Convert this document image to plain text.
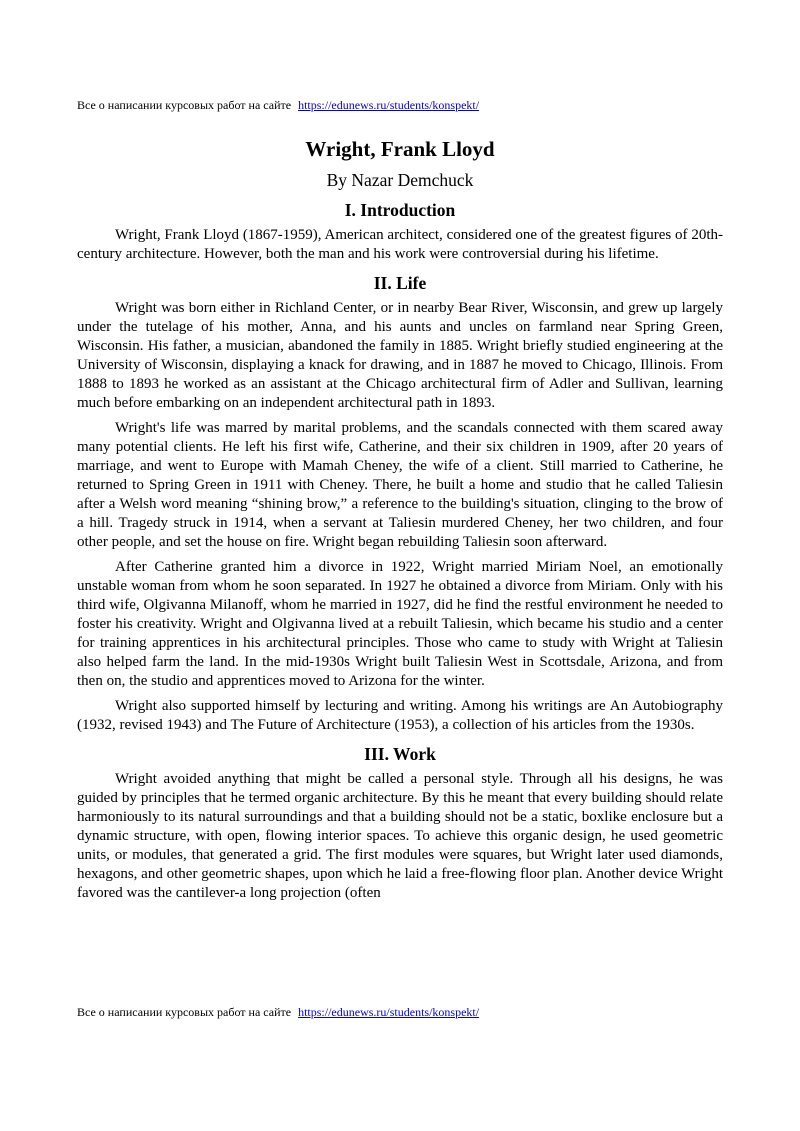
Все о написании курсовых работ на сайте https://edunews.ru/students/konspekt/
Wright, Frank Lloyd
By Nazar Demchuck
I. Introduction

Wright, Frank Lloyd (1867-1959), American architect, considered one of the greatest figures of 20th-century architecture. However, both the man and his work were controversial during his lifetime.

II. Life

Wright was born either in Richland Center, or in nearby Bear River, Wisconsin, and grew up largely under the tutelage of his mother, Anna, and his aunts and uncles on farmland near Spring Green, Wisconsin. His father, a musician, abandoned the family in 1885. Wright briefly studied engineering at the University of Wisconsin, displaying a knack for drawing, and in 1887 he moved to Chicago, Illinois. From 1888 to 1893 he worked as an assistant at the Chicago architectural firm of Adler and Sullivan, learning much before embarking on an independent architectural path in 1893.

Wright's life was marred by marital problems, and the scandals connected with them scared away many potential clients. He left his first wife, Catherine, and their six children in 1909, after 20 years of marriage, and went to Europe with Mamah Cheney, the wife of a client. Still married to Catherine, he returned to Spring Green in 1911 with Cheney. There, he built a home and studio that he called Taliesin after a Welsh word meaning “shining brow,” a reference to the building's situation, clinging to the brow of a hill. Tragedy struck in 1914, when a servant at Taliesin murdered Cheney, her two children, and four other people, and set the house on fire. Wright began rebuilding Taliesin soon afterward.

After Catherine granted him a divorce in 1922, Wright married Miriam Noel, an emotionally unstable woman from whom he soon separated. In 1927 he obtained a divorce from Miriam. Only with his third wife, Olgivanna Milanoff, whom he married in 1927, did he find the restful environment he needed to foster his creativity. Wright and Olgivanna lived at a rebuilt Taliesin, which became his studio and a center for training apprentices in his architectural principles. Those who came to study with Wright at Taliesin also helped farm the land. In the mid-1930s Wright built Taliesin West in Scottsdale, Arizona, and from then on, the studio and apprentices moved to Arizona for the winter.

Wright also supported himself by lecturing and writing. Among his writings are An Autobiography (1932, revised 1943) and The Future of Architecture (1953), a collection of his articles from the 1930s.

III. Work

Wright avoided anything that might be called a personal style. Through all his designs, he was guided by principles that he termed organic architecture. By this he meant that every building should relate harmoniously to its natural surroundings and that a building should not be a static, boxlike enclosure but a dynamic structure, with open, flowing interior spaces. To achieve this organic design, he used geometric units, or modules, that generated a grid. The first modules were squares, but Wright later used diamonds, hexagons, and other geometric shapes, upon which he laid a free-flowing floor plan. Another device Wright favored was the cantilever-a long projection (often

Все о написании курсовых работ на сайте https://edunews.ru/students/konspekt/
